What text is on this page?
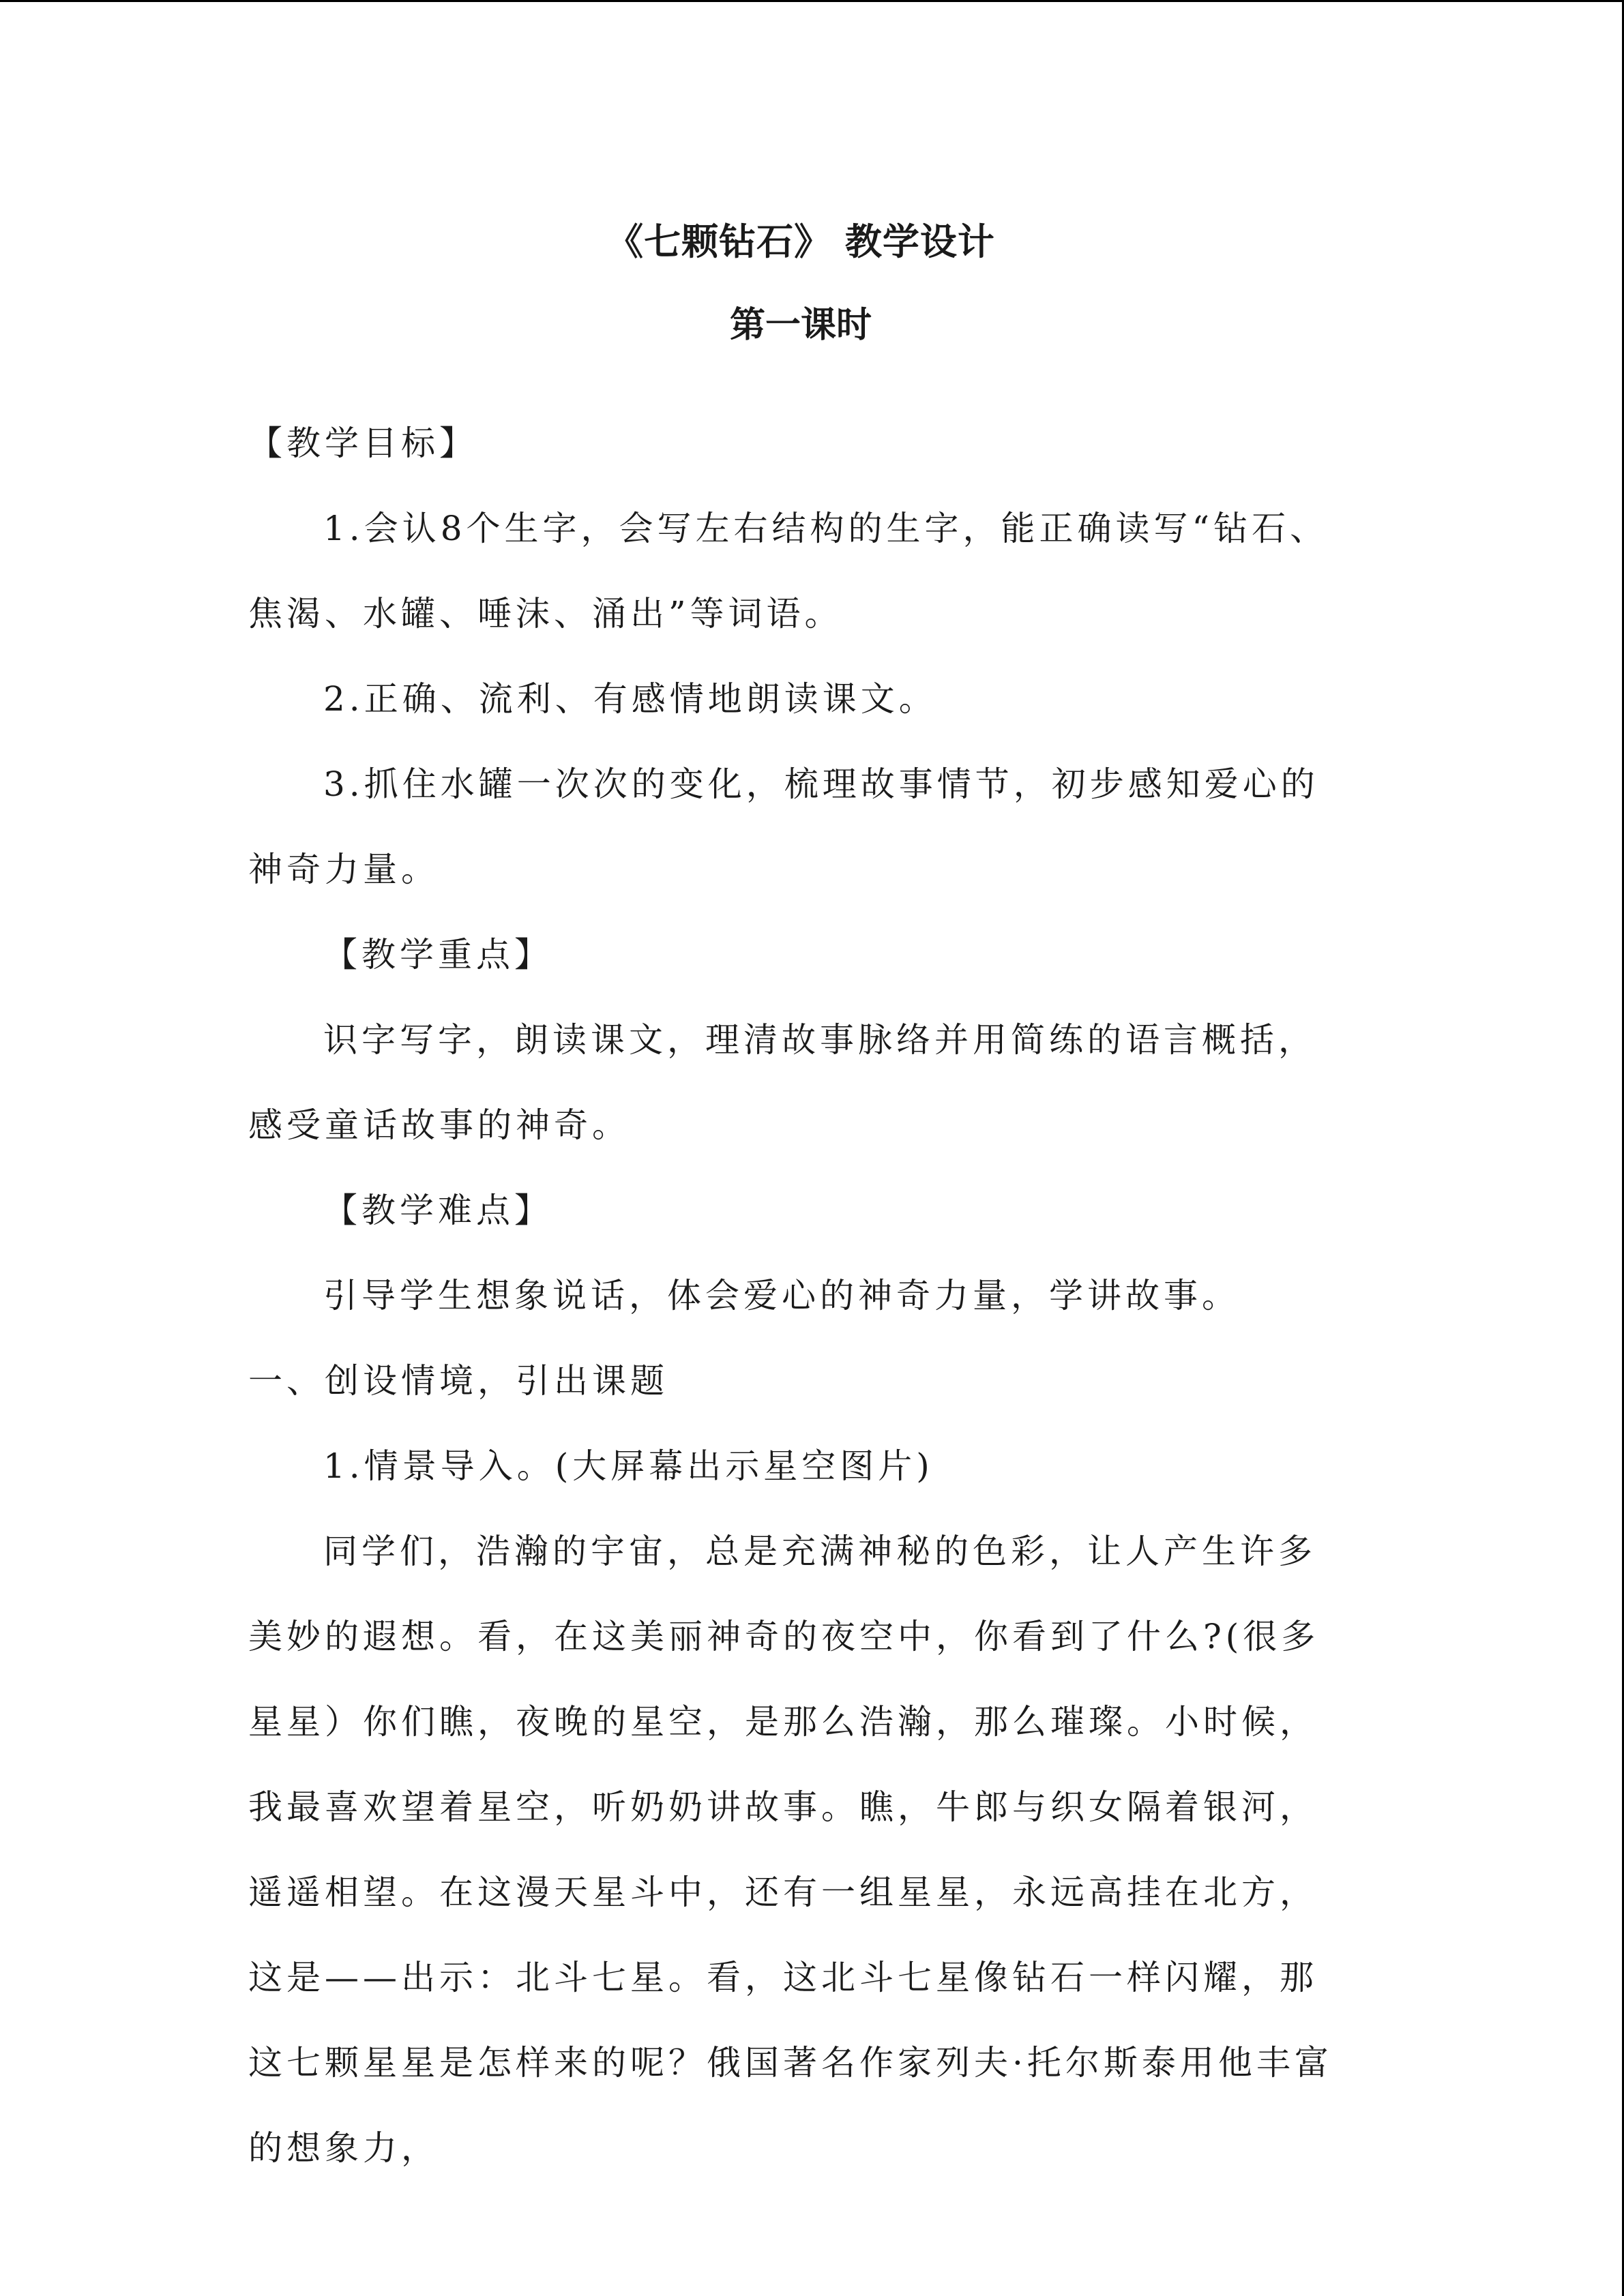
《七颗钻石》 教学设计
第一课时

【教学目标】

1.会认8个生字，会写左右结构的生字，能正确读写“钻石、焦渴、水罐、唾沫、涌出”等词语。

2.正确、流利、有感情地朗读课文。

3.抓住水罐一次次的变化，梳理故事情节，初步感知爱心的神奇力量。

【教学重点】

识字写字，朗读课文，理清故事脉络并用简练的语言概括，感受童话故事的神奇。

【教学难点】

引导学生想象说话，体会爱心的神奇力量，学讲故事。

一、创设情境，引出课题

1.情景导入。(大屏幕出示星空图片)

同学们，浩瀚的宇宙，总是充满神秘的色彩，让人产生许多美妙的遐想。看，在这美丽神奇的夜空中，你看到了什么?(很多星星）你们瞧，夜晚的星空，是那么浩瀚，那么璀璨。小时候，我最喜欢望着星空，听奶奶讲故事。瞧，牛郎与织女隔着银河，遥遥相望。在这漫天星斗中，还有一组星星，永远高挂在北方，这是——出示：北斗七星。看，这北斗七星像钻石一样闪耀，那这七颗星星是怎样来的呢？俄国著名作家列夫·托尔斯泰用他丰富的想象力，
